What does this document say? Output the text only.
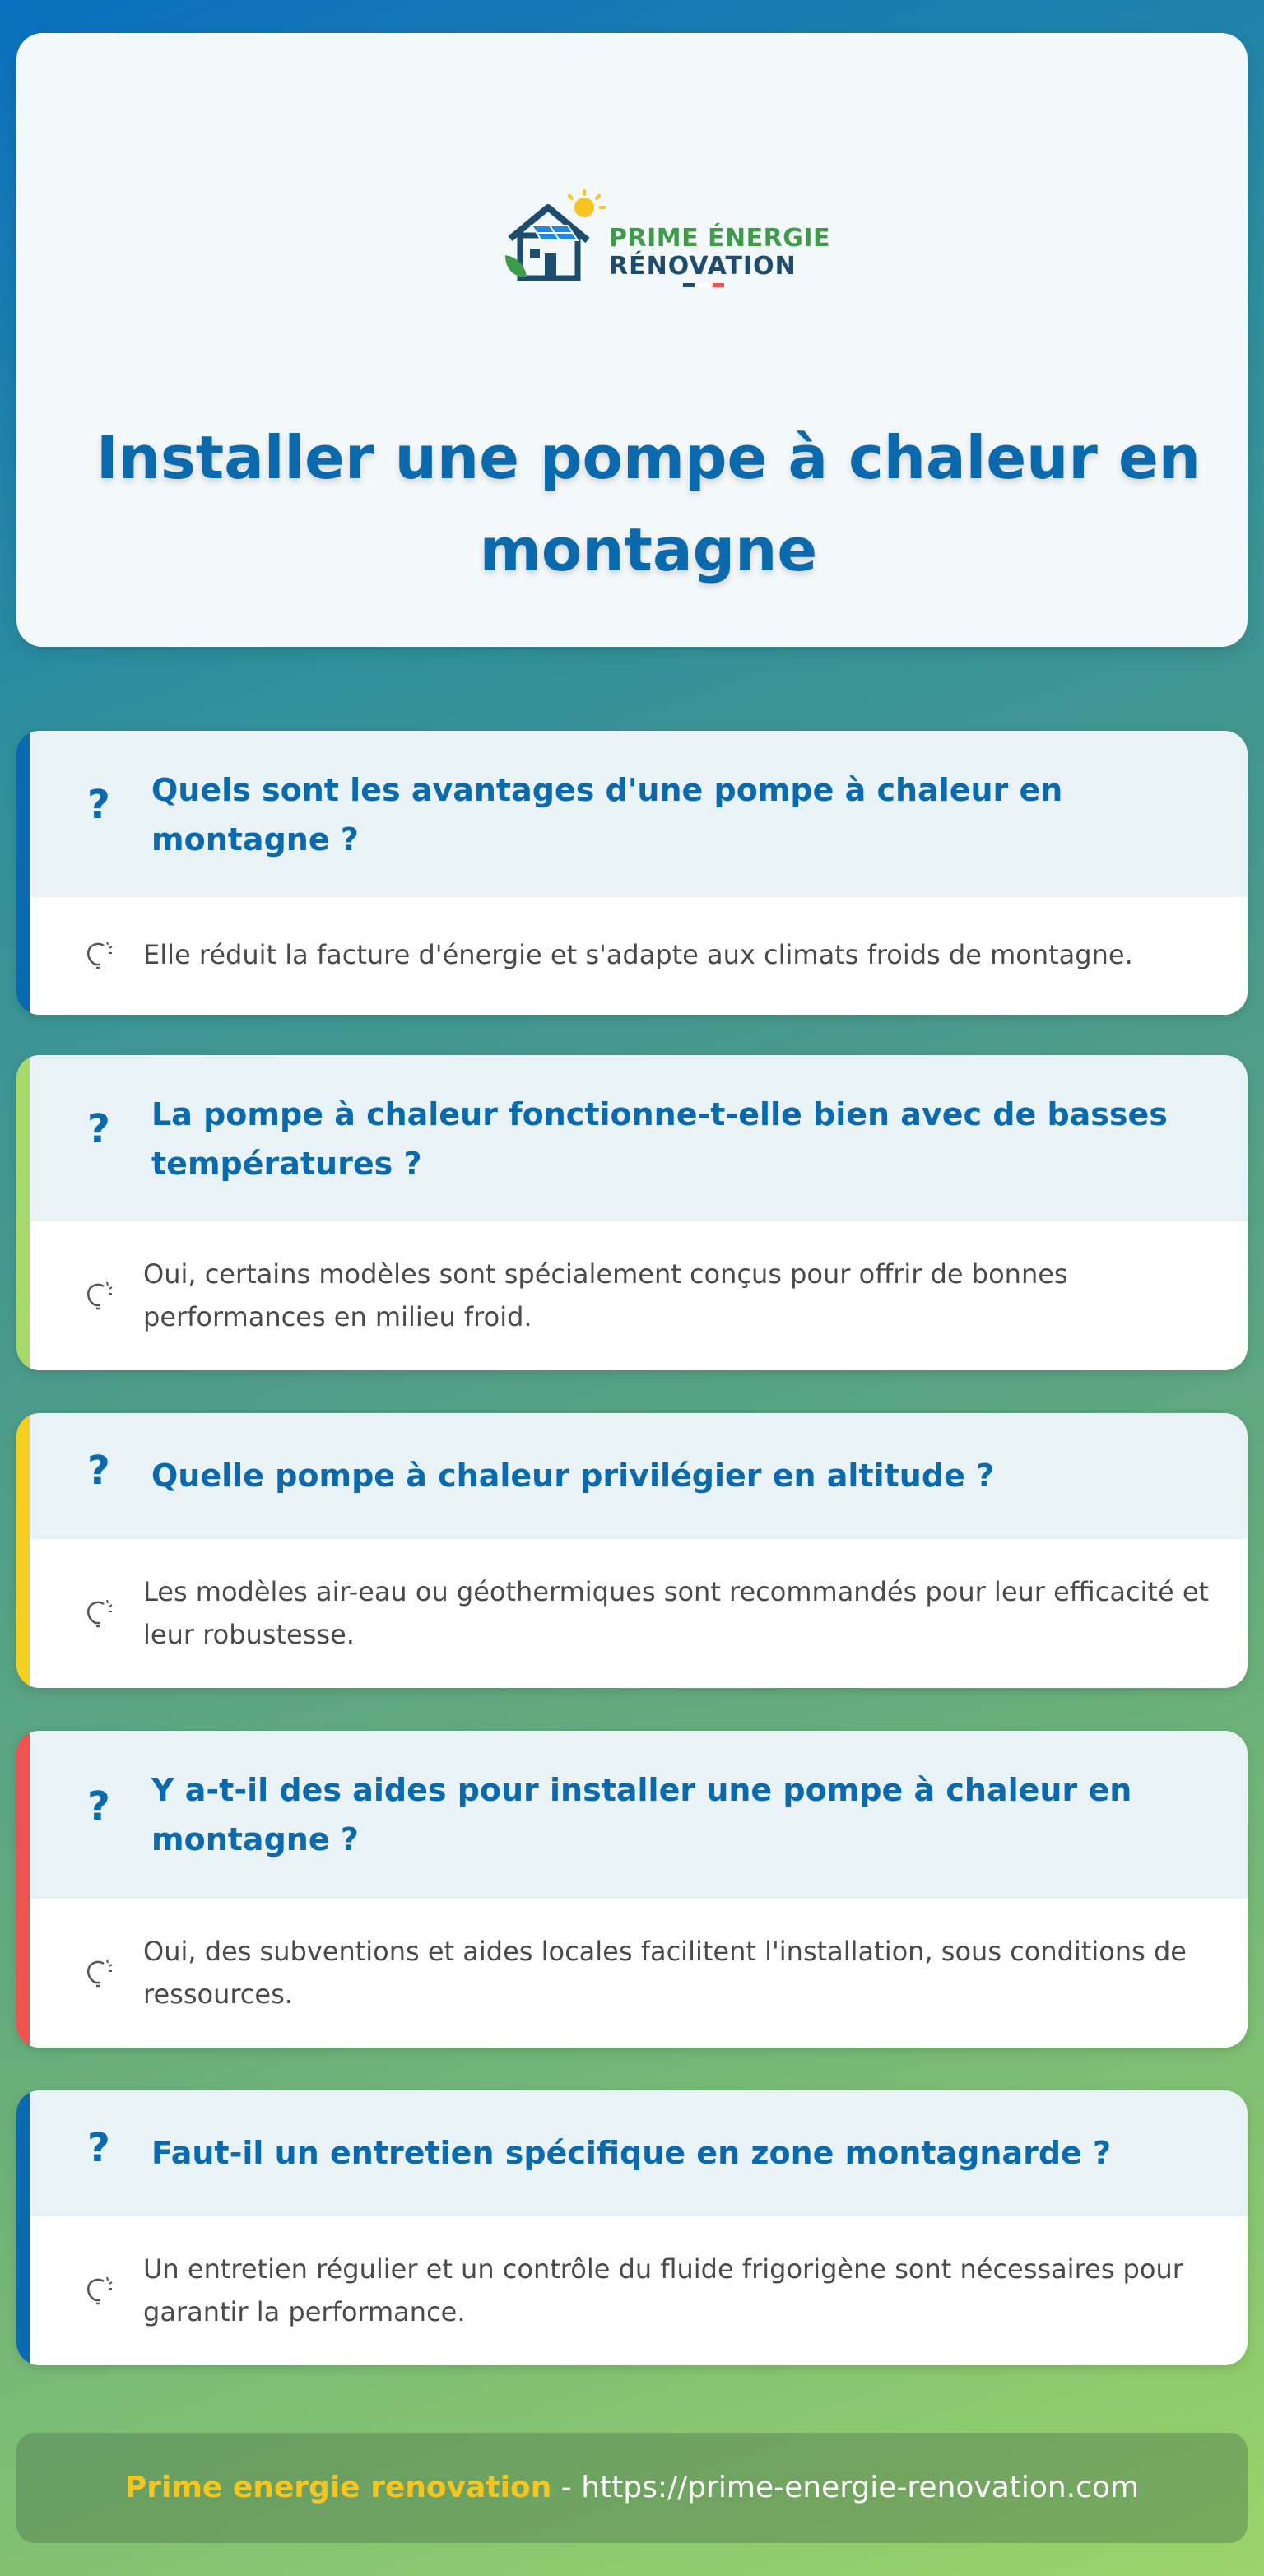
PRIME ÉNERGIE
RÉNOVATION
Installer une pompe à chaleur en montagne
? Quels sont les avantages d'une pompe à chaleur en montagne ?
Elle réduit la facture d'énergie et s'adapte aux climats froids de montagne.
? La pompe à chaleur fonctionne-t-elle bien avec de basses températures ?
Oui, certains modèles sont spécialement conçus pour offrir de bonnes performances en milieu froid.
? Quelle pompe à chaleur privilégier en altitude ?
Les modèles air-eau ou géothermiques sont recommandés pour leur efficacité et leur robustesse.
? Y a-t-il des aides pour installer une pompe à chaleur en montagne ?
Oui, des subventions et aides locales facilitent l'installation, sous conditions de ressources.
? Faut-il un entretien spécifique en zone montagnarde ?
Un entretien régulier et un contrôle du fluide frigorigène sont nécessaires pour garantir la performance.
Prime energie renovation - https://prime-energie-renovation.com
